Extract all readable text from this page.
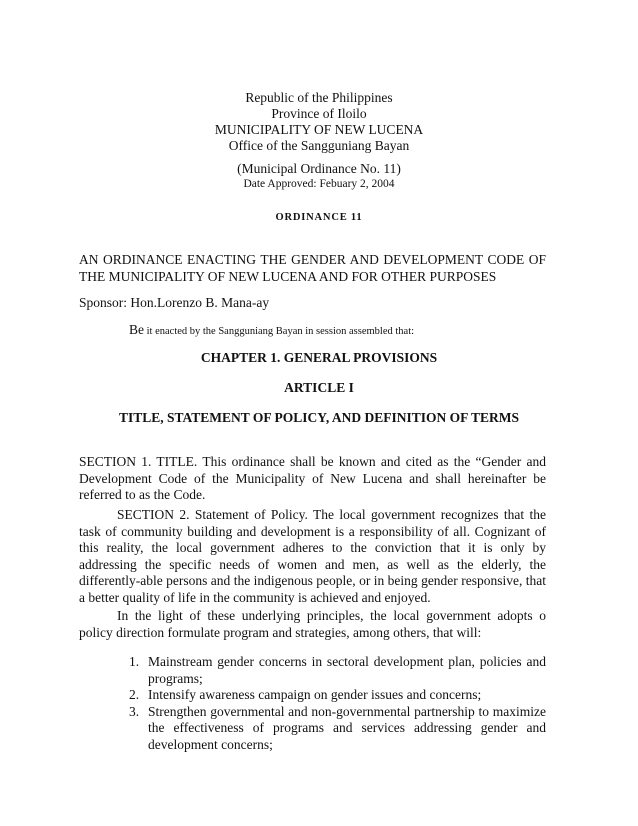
Republic of the Philippines
Province of Iloilo
MUNICIPALITY OF NEW LUCENA
Office of the Sangguniang Bayan
(Municipal Ordinance No. 11)
Date Approved: Febuary 2, 2004
ORDINANCE 11
AN ORDINANCE ENACTING THE GENDER AND DEVELOPMENT CODE OF THE MUNICIPALITY OF NEW LUCENA AND FOR OTHER PURPOSES
Sponsor: Hon.Lorenzo B. Mana-ay
Be it enacted by the Sangguniang Bayan in session assembled that:
CHAPTER 1. GENERAL PROVISIONS
ARTICLE I
TITLE, STATEMENT OF POLICY, AND DEFINITION OF TERMS
SECTION 1. TITLE. This ordinance shall be known and cited as the “Gender and Development Code of the Municipality of New Lucena and shall hereinafter be referred to as the Code.
SECTION 2. Statement of Policy. The local government recognizes that the task of community building and development is a responsibility of all. Cognizant of this reality, the local government adheres to the conviction that it is only by addressing the specific needs of women and men, as well as the elderly, the differently-able persons and the indigenous people, or in being gender responsive, that a better quality of life in the community is achieved and enjoyed.
In the light of these underlying principles, the local government adopts o policy direction formulate program and strategies, among others, that will:
1. Mainstream gender concerns in sectoral development plan, policies and programs;
2. Intensify awareness campaign on gender issues and concerns;
3. Strengthen governmental and non-governmental partnership to maximize the effectiveness of programs and services addressing gender and development concerns;
